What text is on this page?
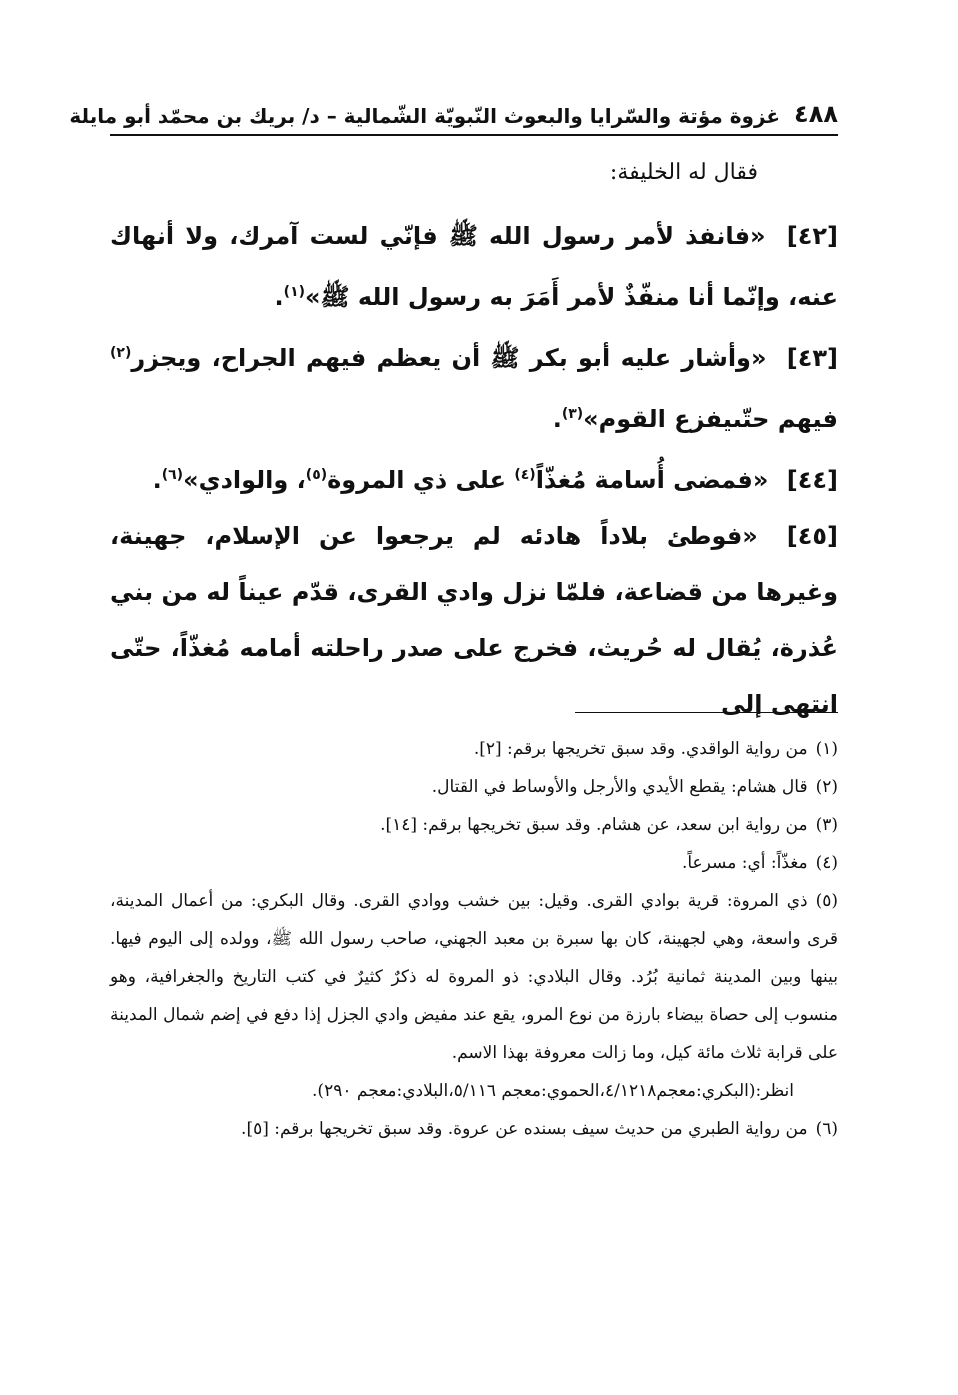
٤٨٨
غزوة مؤتة والسّرايا والبعوث النّبويّة الشّمالية – د/ بريك بن محمّد أبو مايلة
فقال له الخليفة:

[٤٢] «فانفذ لأمر رسول الله ﷺ فإنّي لست آمرك، ولا أنهاك عنه، وإنّما أنا منفّذٌ لأمر أَمَرَ به رسول الله ﷺ»$^{(١)}$.

[٤٣] «وأشار عليه أبو بكر ﷺ أن يعظم فيهم الجراح، ويجزر$^{(٢)}$ فيهم حتّىيفزع القوم»$^{(٣)}$.

[٤٤] «فمضى أُسامة مُغذّاً$^{(٤)}$ على ذي المروة$^{(٥)}$، والوادي»$^{(٦)}$.

[٤٥] «فوطئ بلاداً هادئه لم يرجعوا عن الإسلام، جهينة، وغيرها من قضاعة، فلمّا نزل وادي القرى، قدّم عيناً له من بني عُذرة، يُقال له حُريث، فخرج على صدر راحلته أمامه مُغذّاً، حتّى انتهى إلى

(١)من رواية الواقدي. وقد سبق تخريجها برقم: [٢].

(٢)قال هشام: يقطع الأيدي والأرجل والأوساط في القتال.

(٣)من رواية ابن سعد، عن هشام. وقد سبق تخريجها برقم: [١٤].

(٤)مغذّاً: أي: مسرعاً.

(٥)ذي المروة: قرية بوادي القرى. وقيل: بين خشب ووادي القرى. وقال البكري: من أعمال المدينة، قرى واسعة، وهي لجهينة، كان بها سبرة بن معبد الجهني، صاحب رسول الله ﷺ، وولده إلى اليوم فيها. بينها وبين المدينة ثمانية بُرُد. وقال البلادي: ذو المروة له ذكرٌ كثيرٌ في كتب التاريخ والجغرافية، وهو منسوب إلى حصاة بيضاء بارزة من نوع المرو، يقع عند مفيض وادي الجزل إذا دفع في إضم شمال المدينة على قرابة ثلاث مائة كيل، وما زالت معروفة بهذا الاسم.

انظر:(البكري:معجم٤/١٢١٨،الحموي:معجم ٥/١١٦،البلادي:معجم ٢٩٠).

(٦)من رواية الطبري من حديث سيف بسنده عن عروة. وقد سبق تخريجها برقم: [٥].
